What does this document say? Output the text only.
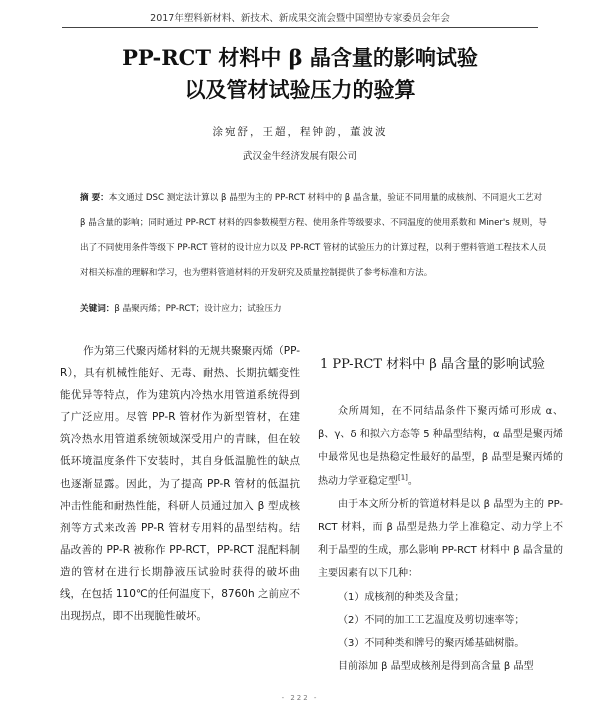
2017年塑料新材料、新技术、新成果交流会暨中国塑协专家委员会年会
PP-RCT 材料中 β 晶含量的影响试验
以及管材试验压力的验算
涂宛舒，王超，程钟韵，董波波
武汉金牛经济发展有限公司
摘 要：本文通过 DSC 测定法计算以 β 晶型为主的 PP-RCT 材料中的 β 晶含量，验证不同用量的成核剂、不同退火工艺对 β 晶含量的影响；同时通过 PP-RCT 材料的四参数模型方程、使用条件等级要求、不同温度的使用系数和 Miner's 规则，导出了不同使用条件等级下 PP-RCT 管材的设计应力以及 PP-RCT 管材的试验压力的计算过程，以利于塑料管道工程技术人员对相关标准的理解和学习，也为塑料管道材料的开发研究及质量控制提供了参考标准和方法。
关键词：β 晶聚丙烯；PP-RCT；设计应力；试验压力

作为第三代聚丙烯材料的无规共聚聚丙烯（PP-R），具有机械性能好、无毒、耐热、长期抗蠕变性能优异等特点，作为建筑内冷热水用管道系统得到了广泛应用。尽管 PP-R 管材作为新型管材，在建筑冷热水用管道系统领域深受用户的青睐，但在较低环境温度条件下安装时，其自身低温脆性的缺点也逐渐显露。因此，为了提高 PP-R 管材的低温抗冲击性能和耐热性能，科研人员通过加入 β 型成核剂等方式来改善 PP-R 管材专用料的晶型结构。结晶改善的 PP-R 被称作 PP-RCT，PP-RCT 混配料制造的管材在进行长期静液压试验时获得的破坏曲线，在包括 110℃的任何温度下，8760h 之前应不出现拐点，即不出现脆性破坏。

1 PP-RCT 材料中 β 晶含量的影响试验

众所周知，在不同结晶条件下聚丙烯可形成 α、β、γ、δ 和拟六方态等 5 种晶型结构，α 晶型是聚丙烯中最常见也是热稳定性最好的晶型，β 晶型是聚丙烯的热动力学亚稳定型[1]。

由于本文所分析的管道材料是以 β 晶型为主的 PP-RCT 材料，而 β 晶型是热力学上准稳定、动力学上不利于晶型的生成，那么影响 PP-RCT 材料中 β 晶含量的主要因素有以下几种：

（1）成核剂的种类及含量；

（2）不同的加工工艺温度及剪切速率等；

（3）不同种类和牌号的聚丙烯基础树脂。

目前添加 β 晶型成核剂是得到高含量 β 晶型

- 222 -
